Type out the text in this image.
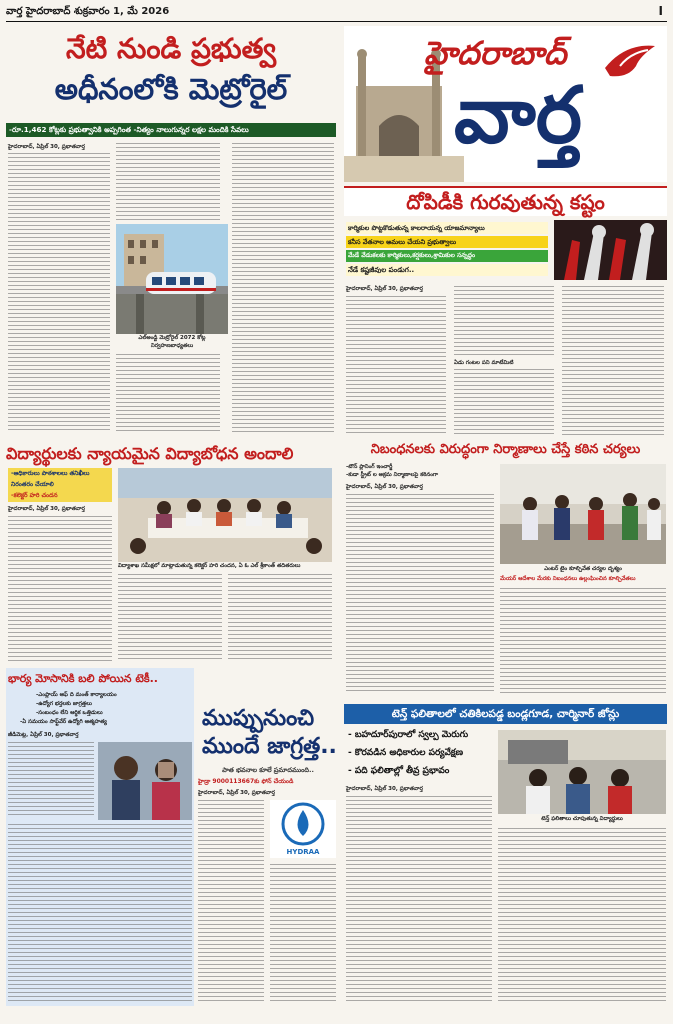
వార్త హైదరాబాద్ శుక్రవారం 1, మే 2026	I
నేటి నుండి ప్రభుత్వ
అధీనంలోకి మెట్రోరైల్
-రూ.1,462 కోట్లకు ప్రభుత్వానికి అప్పగింత -నిత్యం నాలుగున్నర లక్షల మందికి సేవలు
హైదరాబాద్, ఏప్రిల్ 30, ప్రభాతవార్త
ఎల్అండ్టి మెట్రోరైల్ 2072 కోట్ల
నిర్వహణబాధ్యతలు
హైదరాబాద్
వార్త
దోపిడీకి గురవుతున్న కష్టం
కార్మికుల పొట్టకొడుతున్న కాలరాయన్న యాజమాన్యాలు
కనీస వేతనాల అమలు చేయని ప్రభుత్వాలు
మేడే వేడుకలకు కార్మికులు,కర్షకులు,శ్రామికుల సన్నద్ధం
నేడే కష్టజీవుల పండుగ..
హైదరాబాద్, ఏప్రిల్ 30, ప్రభాతవార్త
ఏడు గంటల పని మాటేమిటి
విద్యార్థులకు న్యాయమైన విద్యాబోధన అందాలి
-ఆధికారులు పాఠశాలలు తనిఖీలు
నిరంతరం చేయాలి
-కలెక్టర్ హరి చందన
హైదరాబాద్, ఏప్రిల్ 30, ప్రభాతవార్త
విద్యాశాఖ సమీక్షలో మాట్లాడుతున్న కలెక్టర్ హరి చందన, ఏ ఓ ఎల్ శ్రీకాంత్ తదితరులు
నిబంధనలకు విరుద్ధంగా నిర్మాణాలు చేస్తే కఠిన చర్యలు
-టౌన్ ప్లానింగ్ ఇంచార్జీ
-కుడా స్ట్రీట్ ల అక్రమ నిర్మాణాలపై కఠినంగా
హైదరాబాద్, ఏప్రిల్ 30, ప్రభాతవార్త
ఎంటర్ టైం కూల్చివేత చర్యల దృశ్యం
మేయర్ ఆదేశాల మేరకు నిబంధనలు ఉల్లంఘించిన కూల్చివేతలు
భార్య మోసానికి బలి పోయిన టెకీ..
-ఎంప్లాయ్ ఆఫ్ ది మంత్ కార్యాలయం
-ఉద్యోగ భర్తలకు జాగ్రత్తలు
-సంబంధం లేని ఆర్థిక ఒత్తిడులు
-ఏ సమయం సాఫ్ట్‌వేర్ ఉద్యోగి ఆత్మహత్య
జీడిమెట్ల, ఏప్రిల్ 30, ప్రభాతవార్త
ముప్పునుంచి
ముందే జాగ్రత్త..
పాత భవనాల కూలే ప్రమాదముంది..
హైడ్రా 9000113667కు ఫోన్ చేయండి
హైదరాబాద్, ఏప్రిల్ 30, ప్రభాతవార్త
HYDRAA
టెన్త్ ఫలితాలలో చతికిలపడ్డ బండ్లగూడ, చార్మినార్ జోన్లు
- బహదూర్‌పురాలో స్వల్ప మెరుగు
- కొరవడిన అధికారుల పర్యవేక్షణ
- పది ఫలితాల్లో తీవ్ర ప్రభావం
హైదరాబాద్, ఏప్రిల్ 30, ప్రభాతవార్త
టెన్త్ ఫలితాలు చూపుతున్న విద్యార్థులు
